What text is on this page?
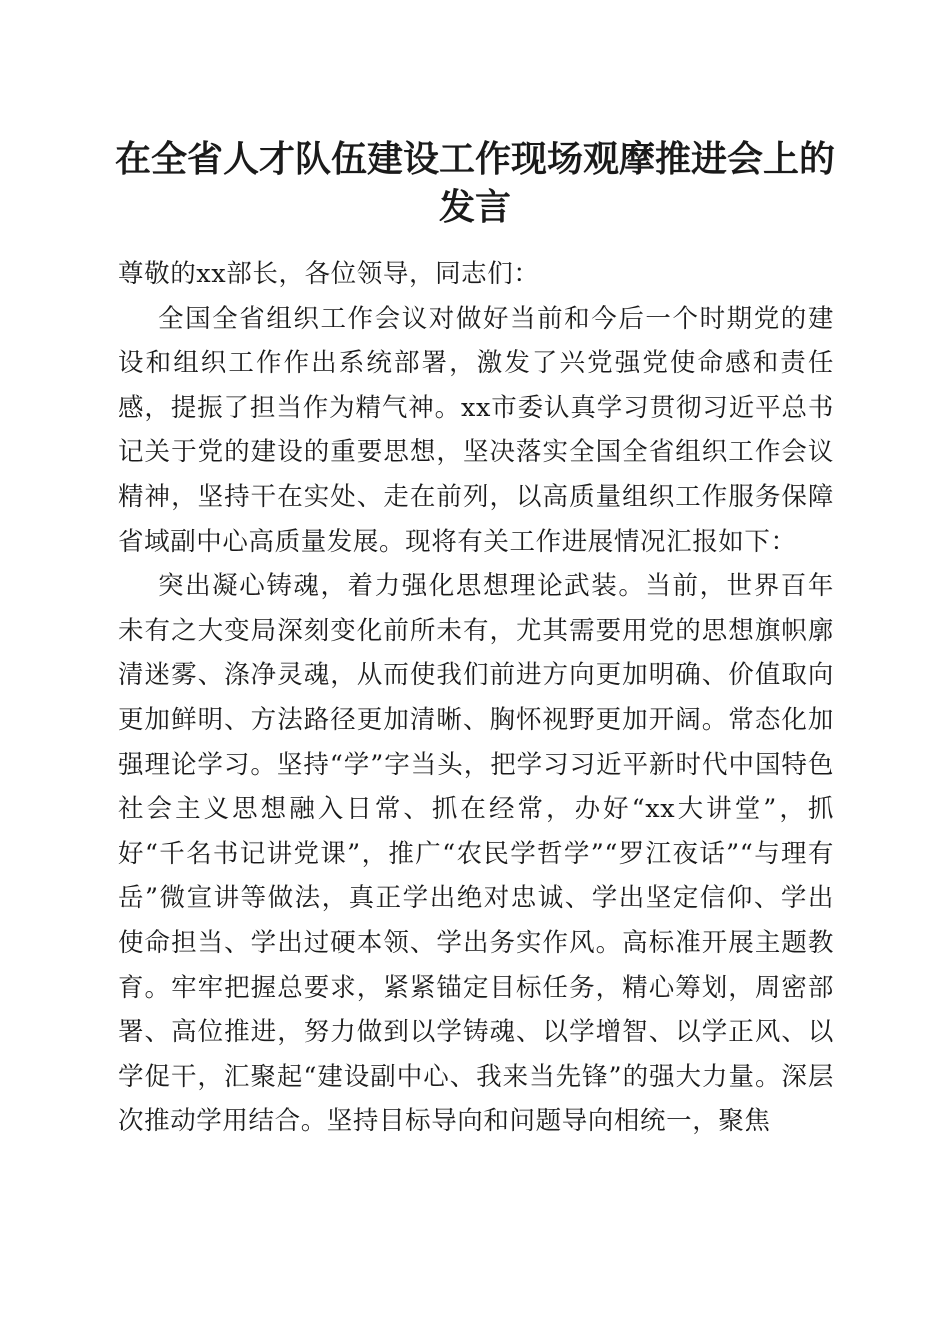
在全省人才队伍建设工作现场观摩推进会上的发言

尊敬的xx部长，各位领导，同志们：

全国全省组织工作会议对做好当前和今后一个时期党的建设和组织工作作出系统部署，激发了兴党强党使命感和责任感，提振了担当作为精气神。xx市委认真学习贯彻习近平总书记关于党的建设的重要思想，坚决落实全国全省组织工作会议精神，坚持干在实处、走在前列，以高质量组织工作服务保障省域副中心高质量发展。现将有关工作进展情况汇报如下：

突出凝心铸魂，着力强化思想理论武装。当前，世界百年未有之大变局深刻变化前所未有，尤其需要用党的思想旗帜廓清迷雾、涤净灵魂，从而使我们前进方向更加明确、价值取向更加鲜明、方法路径更加清晰、胸怀视野更加开阔。常态化加强理论学习。坚持“学”字当头，把学习习近平新时代中国特色社会主义思想融入日常、抓在经常，办好“xx大讲堂”，抓好“千名书记讲党课”，推广“农民学哲学”“罗江夜话”“与理有岳”微宣讲等做法，真正学出绝对忠诚、学出坚定信仰、学出使命担当、学出过硬本领、学出务实作风。高标准开展主题教育。牢牢把握总要求，紧紧锚定目标任务，精心筹划，周密部署、高位推进，努力做到以学铸魂、以学增智、以学正风、以学促干，汇聚起“建设副中心、我来当先锋”的强大力量。深层次推动学用结合。坚持目标导向和问题导向相统一，聚焦
